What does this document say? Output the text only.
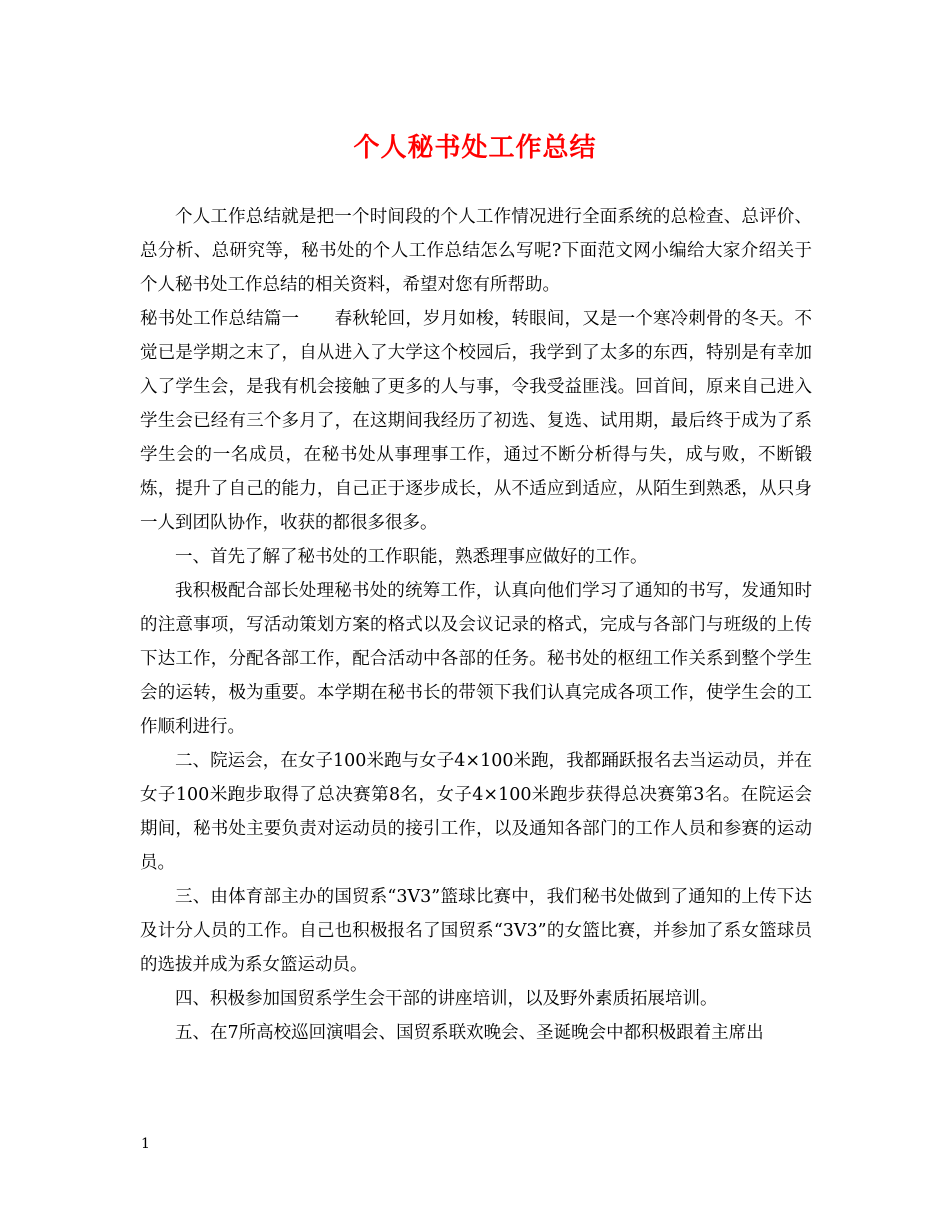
个人秘书处工作总结

个人工作总结就是把一个时间段的个人工作情况进行全面系统的总检查、总评价、总分析、总研究等，秘书处的个人工作总结怎么写呢?下面范文网小编给大家介绍关于个人秘书处工作总结的相关资料，希望对您有所帮助。

秘书处工作总结篇一　　春秋轮回，岁月如梭，转眼间，又是一个寒冷刺骨的冬天。不觉已是学期之末了，自从进入了大学这个校园后，我学到了太多的东西，特别是有幸加入了学生会，是我有机会接触了更多的人与事，令我受益匪浅。回首间，原来自己进入学生会已经有三个多月了，在这期间我经历了初选、复选、试用期，最后终于成为了系学生会的一名成员，在秘书处从事理事工作，通过不断分析得与失，成与败，不断锻炼，提升了自己的能力，自己正于逐步成长，从不适应到适应，从陌生到熟悉，从只身一人到团队协作，收获的都很多很多。

一、首先了解了秘书处的工作职能，熟悉理事应做好的工作。

我积极配合部长处理秘书处的统筹工作，认真向他们学习了通知的书写，发通知时的注意事项，写活动策划方案的格式以及会议记录的格式，完成与各部门与班级的上传下达工作，分配各部工作，配合活动中各部的任务。秘书处的枢纽工作关系到整个学生会的运转，极为重要。本学期在秘书长的带领下我们认真完成各项工作，使学生会的工作顺利进行。

二、院运会，在女子100米跑与女子4×100米跑，我都踊跃报名去当运动员，并在女子100米跑步取得了总决赛第8名，女子4×100米跑步获得总决赛第3名。在院运会期间，秘书处主要负责对运动员的接引工作，以及通知各部门的工作人员和参赛的运动员。

三、由体育部主办的国贸系“3V3”篮球比赛中，我们秘书处做到了通知的上传下达及计分人员的工作。自己也积极报名了国贸系“3V3”的女篮比赛，并参加了系女篮球员的选拔并成为系女篮运动员。

四、积极参加国贸系学生会干部的讲座培训，以及野外素质拓展培训。

五、在7所高校巡回演唱会、国贸系联欢晚会、圣诞晚会中都积极跟着主席出

1
